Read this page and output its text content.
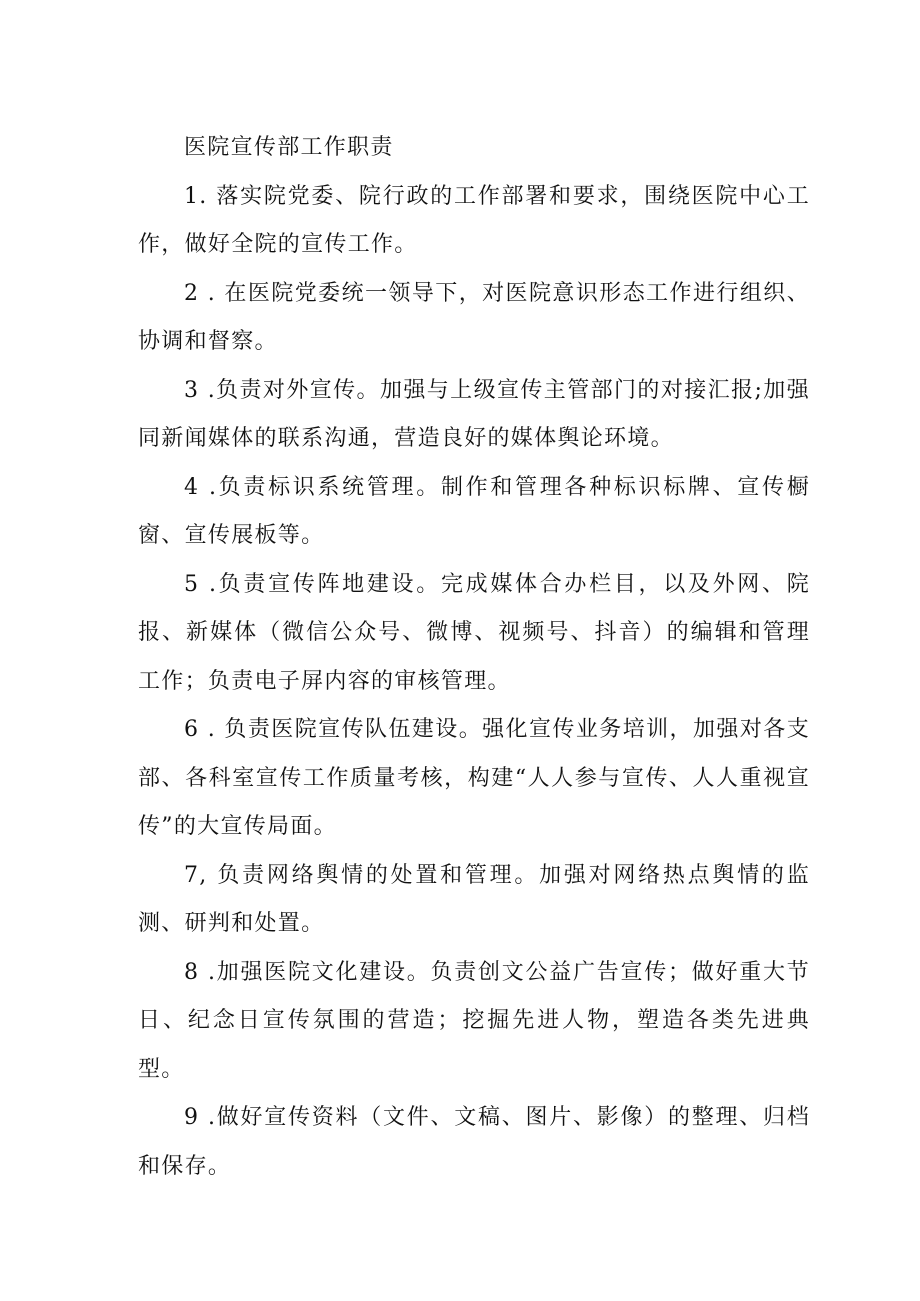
医院宣传部工作职责

1. 落实院党委、院行政的工作部署和要求，围绕医院中心工作，做好全院的宣传工作。

2 . 在医院党委统一领导下，对医院意识形态工作进行组织、协调和督察。

3 .负责对外宣传。加强与上级宣传主管部门的对接汇报;加强同新闻媒体的联系沟通，营造良好的媒体舆论环境。

4 .负责标识系统管理。制作和管理各种标识标牌、宣传橱窗、宣传展板等。

5 .负责宣传阵地建设。完成媒体合办栏目，以及外网、院报、新媒体（微信公众号、微博、视频号、抖音）的编辑和管理工作；负责电子屏内容的审核管理。

6 . 负责医院宣传队伍建设。强化宣传业务培训，加强对各支部、各科室宣传工作质量考核，构建“人人参与宣传、人人重视宣传”的大宣传局面。

7, 负责网络舆情的处置和管理。加强对网络热点舆情的监测、研判和处置。

8 .加强医院文化建设。负责创文公益广告宣传；做好重大节日、纪念日宣传氛围的营造；挖掘先进人物，塑造各类先进典型。

9 .做好宣传资料（文件、文稿、图片、影像）的整理、归档和保存。
